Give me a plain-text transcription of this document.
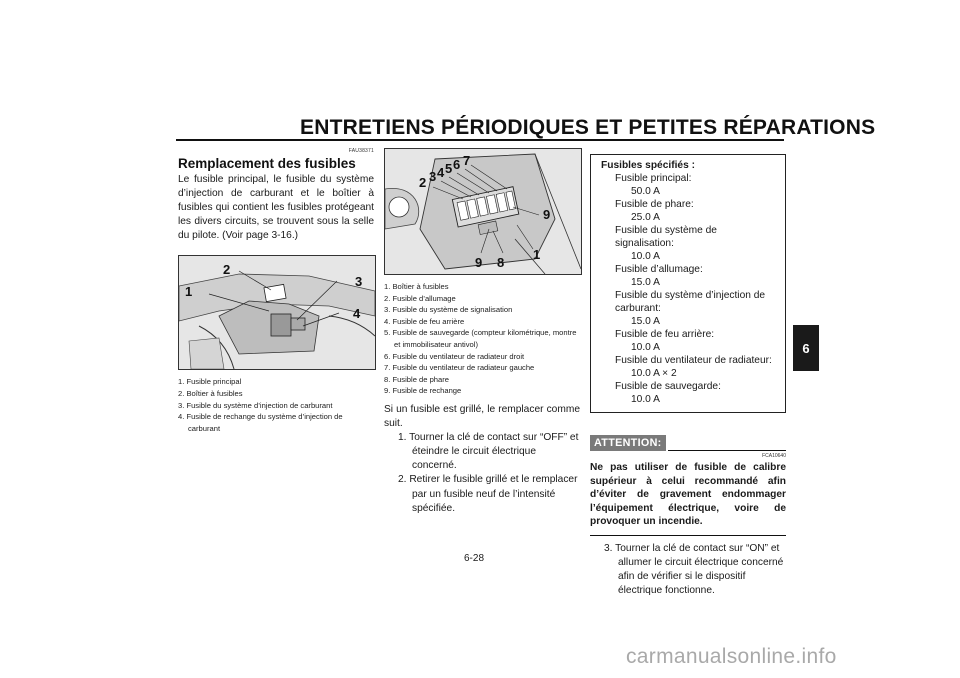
ENTRETIENS PÉRIODIQUES ET PETITES RÉPARATIONS
6
FAU38371
Remplacement des fusibles

Le fusible principal, le fusible du système d’injection de carburant et le boîtier à fusibles qui contient les fusibles protégeant les divers circuits, se trouvent sous la selle du pilote. (Voir page 3-16.)

1
2
3
4
1. Fusible principal
2. Boîtier à fusibles
3. Fusible du système d’injection de carburant
4. Fusible de rechange du système d’injection de carburant
2 3 4 5 6 7
9
9 8
1
1. Boîtier à fusibles
2. Fusible d’allumage
3. Fusible du système de signalisation
4. Fusible de feu arrière
5. Fusible de sauvegarde (compteur kilométrique, montre et immobilisateur antivol)
6. Fusible du ventilateur de radiateur droit
7. Fusible du ventilateur de radiateur gauche
8. Fusible de phare
9. Fusible de rechange

Si un fusible est grillé, le remplacer comme suit.

1. Tourner la clé de contact sur “OFF” et éteindre le circuit électrique concerné.
2. Retirer le fusible grillé et le remplacer par un fusible neuf de l’intensité spécifiée.
Fusibles spécifiés :
Fusible principal:
50.0 A
Fusible de phare:
25.0 A
Fusible du système de signalisation:
10.0 A
Fusible d’allumage:
15.0 A
Fusible du système d’injection de carburant:
15.0 A
Fusible de feu arrière:
10.0 A
Fusible du ventilateur de radiateur:
10.0 A × 2
Fusible de sauvegarde:
10.0 A
ATTENTION:
FCA10640
Ne pas utiliser de fusible de calibre supérieur à celui recommandé afin d’éviter de gravement endommager l’équipement électrique, voire de provoquer un incendie.
3. Tourner la clé de contact sur “ON” et allumer le circuit électrique concerné afin de vérifier si le dispositif électrique fonctionne.
6-28
carmanualsonline.info
